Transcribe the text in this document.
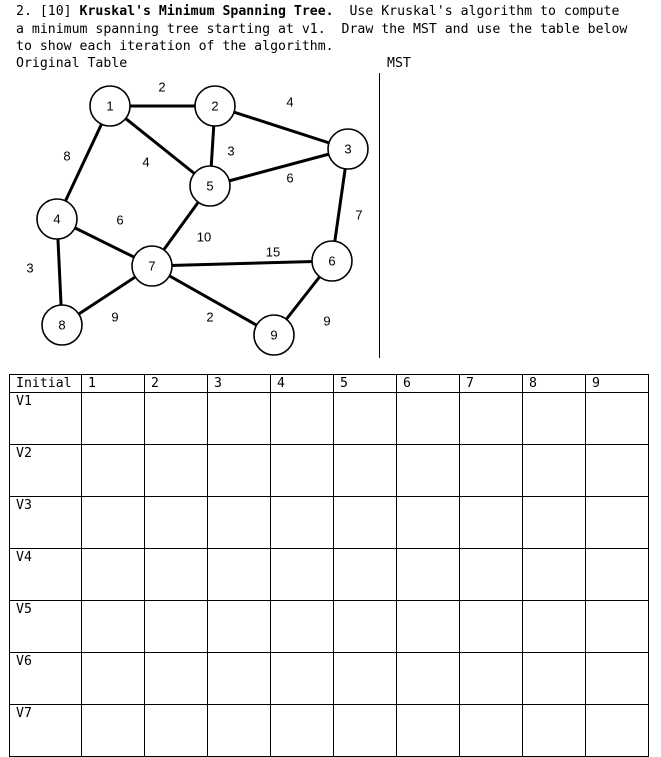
2. [10] Kruskal's Minimum Spanning Tree.  Use Kruskal's algorithm to compute
a minimum spanning tree starting at v1.  Draw the MST and use the table below
to show each iteration of the algorithm.
Original Table	MST
2
8	4
4
3
6
7
6
3
10
15
9	2	9
1	2
3
4
5
6
7
8
9
Initial	1	2	3	4	5	6	7	8	9
V1									
V2									
V3									
V4									
V5									
V6									
V7									
